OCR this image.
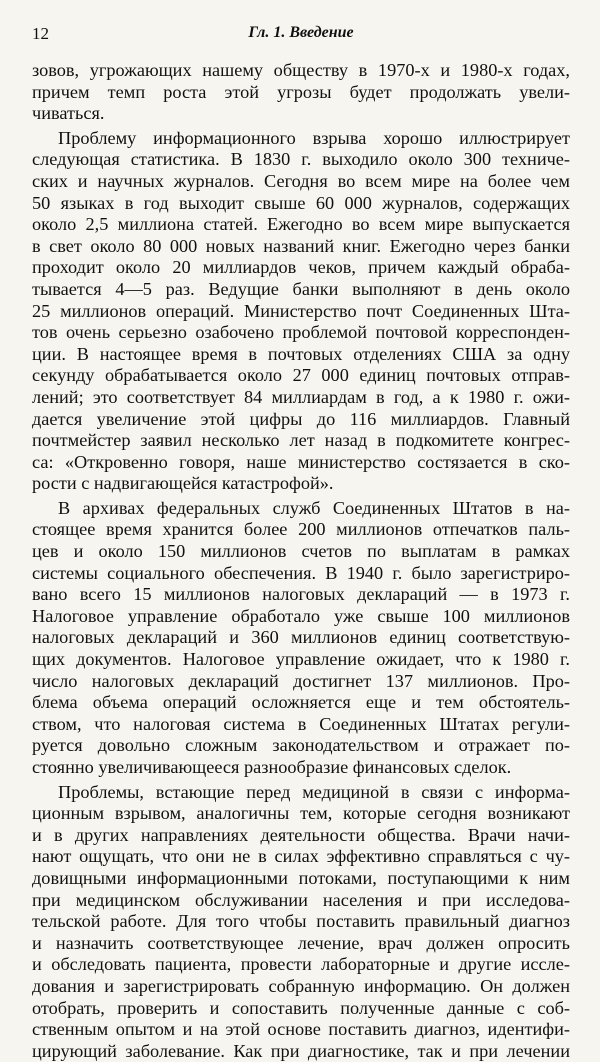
12	Гл. 1. Введение
зовов, угрожающих нашему обществу в 1970-х и 1980-х годах,
причем темп роста этой угрозы будет продолжать увели-
чиваться.
Проблему информационного взрыва хорошо иллюстрирует
следующая статистика. В 1830 г. выходило около 300 техниче-
ских и научных журналов. Сегодня во всем мире на более чем
50 языках в год выходит свыше 60 000 журналов, содержащих
около 2,5 миллиона статей. Ежегодно во всем мире выпускается
в свет около 80 000 новых названий книг. Ежегодно через банки
проходит около 20 миллиардов чеков, причем каждый обраба-
тывается 4—5 раз. Ведущие банки выполняют в день около
25 миллионов операций. Министерство почт Соединенных Шта-
тов очень серьезно озабочено проблемой почтовой корреспонден-
ции. В настоящее время в почтовых отделениях США за одну
секунду обрабатывается около 27 000 единиц почтовых отправ-
лений; это соответствует 84 миллиардам в год, а к 1980 г. ожи-
дается увеличение этой цифры до 116 миллиардов. Главный
почтмейстер заявил несколько лет назад в подкомитете конгрес-
са: «Откровенно говоря, наше министерство состязается в ско-
рости с надвигающейся катастрофой».
В архивах федеральных служб Соединенных Штатов в на-
стоящее время хранится более 200 миллионов отпечатков паль-
цев и около 150 миллионов счетов по выплатам в рамках
системы социального обеспечения. В 1940 г. было зарегистриро-
вано всего 15 миллионов налоговых деклараций — в 1973 г.
Налоговое управление обработало уже свыше 100 миллионов
налоговых деклараций и 360 миллионов единиц соответствую-
щих документов. Налоговое управление ожидает, что к 1980 г.
число налоговых деклараций достигнет 137 миллионов. Про-
блема объема операций осложняется еще и тем обстоятель-
ством, что налоговая система в Соединенных Штатах регули-
руется довольно сложным законодательством и отражает по-
стоянно увеличивающееся разнообразие финансовых сделок.
Проблемы, встающие перед медициной в связи с информа-
ционным взрывом, аналогичны тем, которые сегодня возникают
и в других направлениях деятельности общества. Врачи начи-
нают ощущать, что они не в силах эффективно справляться с чу-
довищными информационными потоками, поступающими к ним
при медицинском обслуживании населения и при исследова-
тельской работе. Для того чтобы поставить правильный диагноз
и назначить соответствующее лечение, врач должен опросить
и обследовать пациента, провести лабораторные и другие иссле-
дования и зарегистрировать собранную информацию. Он должен
отобрать, проверить и сопоставить полученные данные с соб-
ственным опытом и на этой основе поставить диагноз, идентифи-
цирующий заболевание. Как при диагностике, так и при лечении
